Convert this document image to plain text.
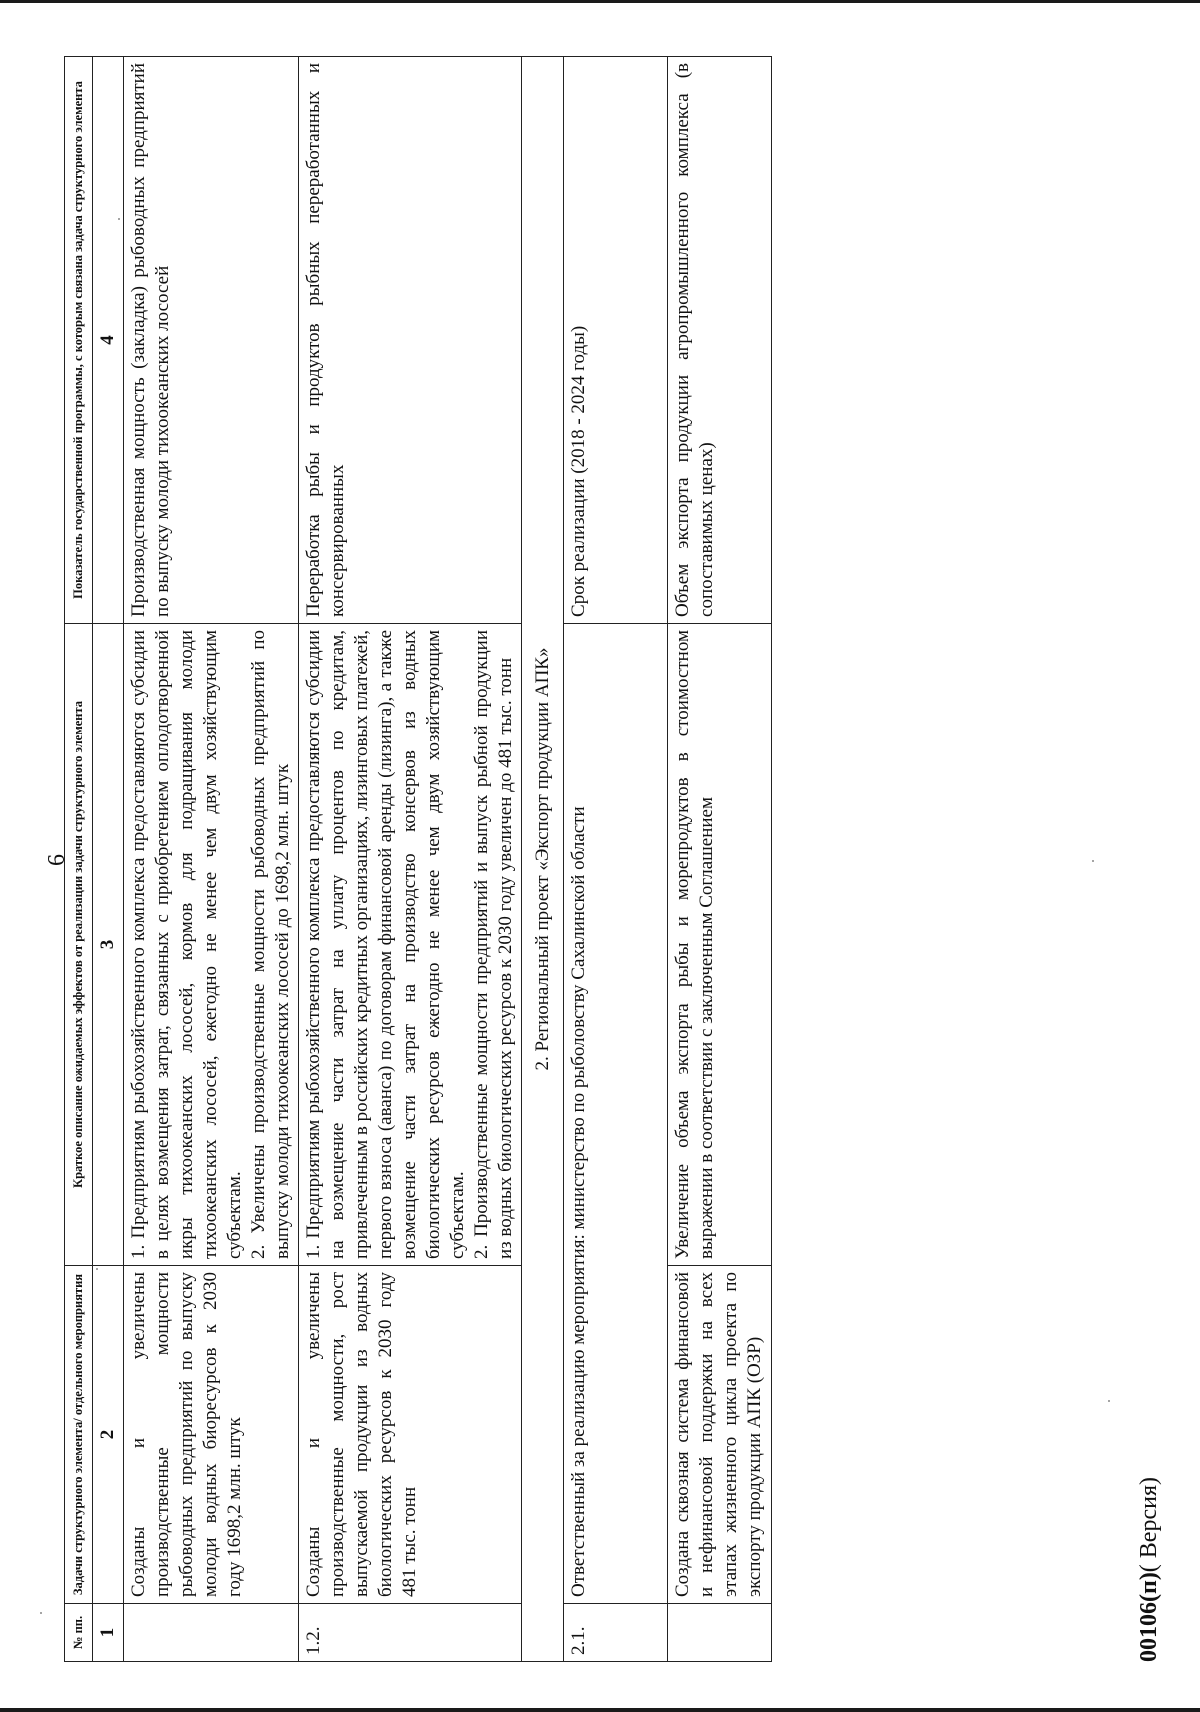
6
№ пп.	Задачи структурного элемента/ отдельного мероприятия	Краткое описание ожидаемых эффектов от реализации задачи структурного элемента	Показатель государственной программы, с которым связана задача структурного элемента
1	2	3	4
	Созданы и увеличены производственные мощности рыбоводных предприятий по выпуску молоди водных биоресурсов к 2030 году 1698,2 млн. штук	1. Предприятиям рыбохозяйственного комплекса предоставляются субсидии в целях возмещения затрат, связанных с приобретением оплодотворенной икры тихоокеанских лососей, кормов для подращивания молоди тихоокеанских лососей, ежегодно не менее чем двум хозяйствующим субъектам. 2. Увеличены производственные мощности рыбоводных предприятий по выпуску молоди тихоокеанских лососей до 1698,2 млн. штук	Производственная мощность (закладка) рыбоводных предприятий по выпуску молоди тихоокеанских лососей
1.2.	Созданы и увеличены производственные мощности, рост выпускаемой продукции из водных биологических ресурсов к 2030 году 481 тыс. тонн	1. Предприятиям рыбохозяйственного комплекса предоставляются субсидии на возмещение части затрат на уплату процентов по кредитам, привлеченным в российских кредитных организациях, лизинговых платежей, первого взноса (аванса) по договорам финансовой аренды (лизинга), а также возмещение части затрат на производство консервов из водных биологических ресурсов ежегодно не менее чем двум хозяйствующим субъектам. 2. Производственные мощности предприятий и выпуск рыбной продукции из водных биологических ресурсов к 2030 году увеличен до 481 тыс. тонн	Переработка рыбы и продуктов рыбных переработанных и консервированных
2. Региональный проект «Экспорт продукции АПК»			
2.1.	Ответственный за реализацию мероприятия: министерство по рыболовству Сахалинской области		Срок реализации (2018 - 2024 годы)
	Создана сквозная система финансовой и нефинансовой поддержки на всех этапах жизненного цикла проекта по экспорту продукции АПК (ОЗР)	Увеличение объема экспорта рыбы и морепродуктов в стоимостном выражении в соответствии с заключенным Соглашением	Объем экспорта продукции агропромышленного комплекса (в сопоставимых ценах)
00106(п)( Версия)
